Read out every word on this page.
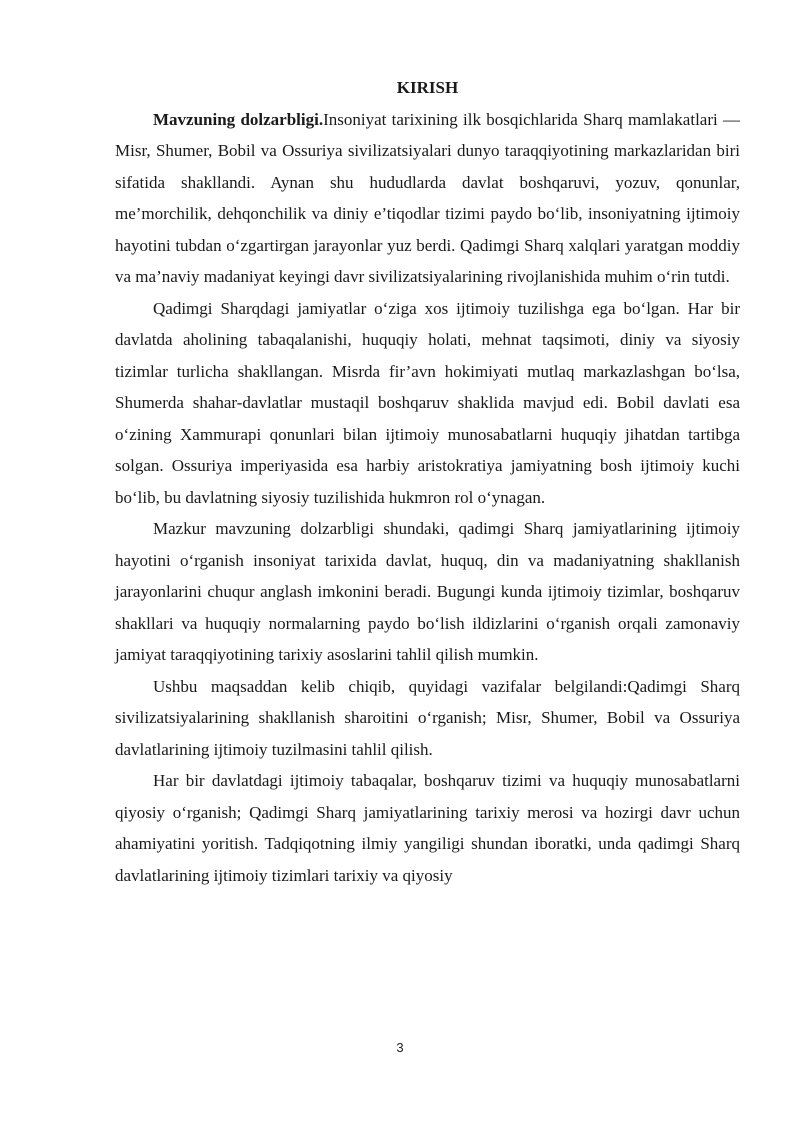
KIRISH

Mavzuning dolzarbligi.Insoniyat tarixining ilk bosqichlarida Sharq mamlakatlari — Misr, Shumer, Bobil va Ossuriya sivilizatsiyalari dunyo taraqqiyotining markazlaridan biri sifatida shakllandi. Aynan shu hududlarda davlat boshqaruvi, yozuv, qonunlar, me’morchilik, dehqonchilik va diniy e’tiqodlar tizimi paydo bo‘lib, insoniyatning ijtimoiy hayotini tubdan o‘zgartirgan jarayonlar yuz berdi. Qadimgi Sharq xalqlari yaratgan moddiy va ma’naviy madaniyat keyingi davr sivilizatsiyalarining rivojlanishida muhim o‘rin tutdi.

Qadimgi Sharqdagi jamiyatlar o‘ziga xos ijtimoiy tuzilishga ega bo‘lgan. Har bir davlatda aholining tabaqalanishi, huquqiy holati, mehnat taqsimoti, diniy va siyosiy tizimlar turlicha shakllangan. Misrda fir’avn hokimiyati mutlaq markazlashgan bo‘lsa, Shumerda shahar-davlatlar mustaqil boshqaruv shaklida mavjud edi. Bobil davlati esa o‘zining Xammurapi qonunlari bilan ijtimoiy munosabatlarni huquqiy jihatdan tartibga solgan. Ossuriya imperiyasida esa harbiy aristokratiya jamiyatning bosh ijtimoiy kuchi bo‘lib, bu davlatning siyosiy tuzilishida hukmron rol o‘ynagan.

Mazkur mavzuning dolzarbligi shundaki, qadimgi Sharq jamiyatlarining ijtimoiy hayotini o‘rganish insoniyat tarixida davlat, huquq, din va madaniyatning shakllanish jarayonlarini chuqur anglash imkonini beradi. Bugungi kunda ijtimoiy tizimlar, boshqaruv shakllari va huquqiy normalarning paydo bo‘lish ildizlarini o‘rganish orqali zamonaviy jamiyat taraqqiyotining tarixiy asoslarini tahlil qilish mumkin.

Ushbu maqsaddan kelib chiqib, quyidagi vazifalar belgilandi:Qadimgi Sharq sivilizatsiyalarining shakllanish sharoitini o‘rganish; Misr, Shumer, Bobil va Ossuriya davlatlarining ijtimoiy tuzilmasini tahlil qilish.

Har bir davlatdagi ijtimoiy tabaqalar, boshqaruv tizimi va huquqiy munosabatlarni qiyosiy o‘rganish; Qadimgi Sharq jamiyatlarining tarixiy merosi va hozirgi davr uchun ahamiyatini yoritish. Tadqiqotning ilmiy yangiligi shundan iboratki, unda qadimgi Sharq davlatlarining ijtimoiy tizimlari tarixiy va qiyosiy

3
